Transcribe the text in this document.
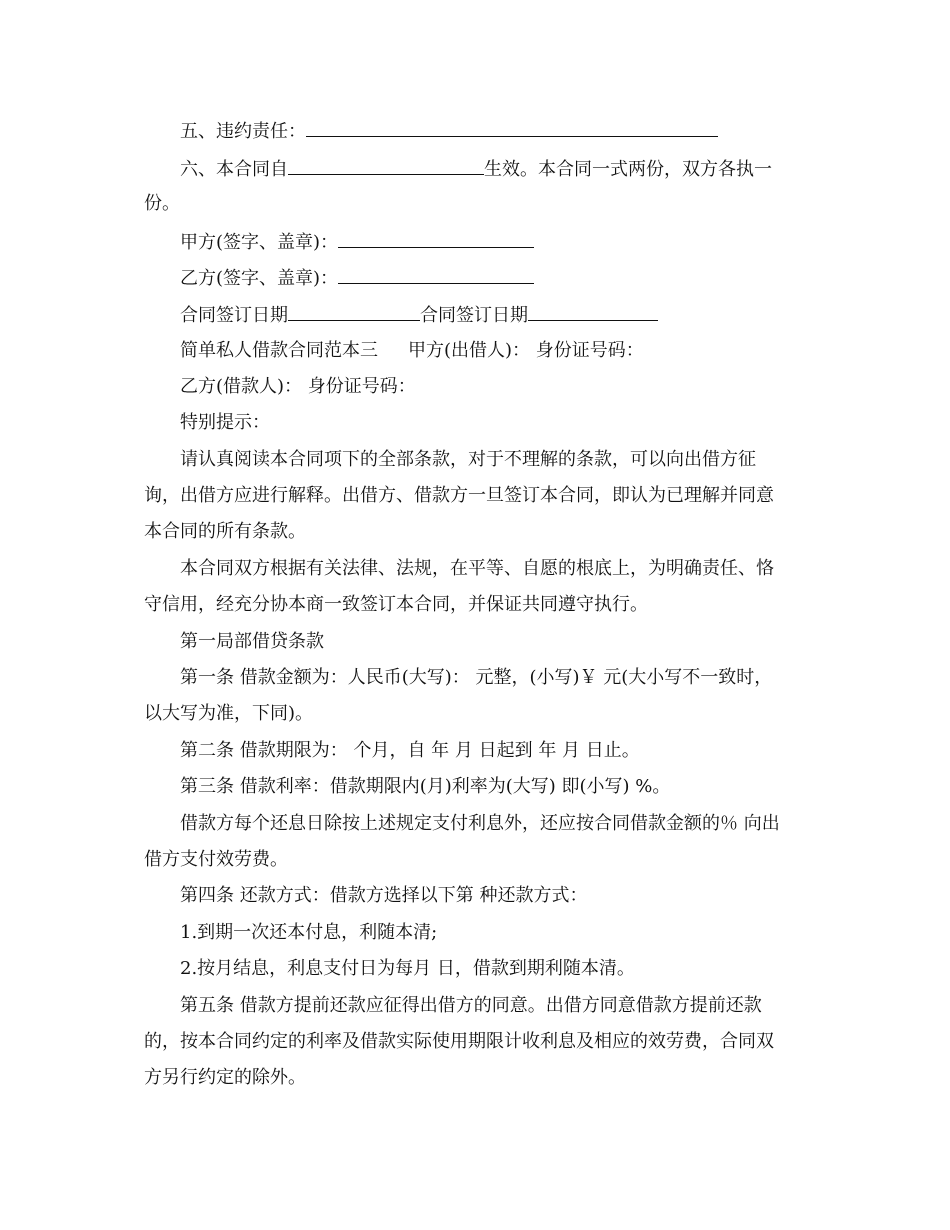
五、违约责任：
六、本合同自	生效。本合同一式两份，双方各执一
份。
甲方(签字、盖章)：
乙方(签字、盖章)：
合同签订日期	合同签订日期
简单私人借款合同范本三 甲方(出借人)： 身份证号码：
乙方(借款人)： 身份证号码：
特别提示：
请认真阅读本合同项下的全部条款，对于不理解的条款，可以向出借方征
询，出借方应进行解释。出借方、借款方一旦签订本合同，即认为已理解并同意
本合同的所有条款。
本合同双方根据有关法律、法规，在平等、自愿的根底上，为明确责任、恪
守信用，经充分协本商一致签订本合同，并保证共同遵守执行。
第一局部借贷条款
第一条 借款金额为：人民币(大写)： 元整，(小写)￥ 元(大小写不一致时，
以大写为准，下同)。
第二条 借款期限为： 个月，自 年 月 日起到 年 月 日止。
第三条 借款利率：借款期限内(月)利率为(大写) 即(小写) %。
借款方每个还息日除按上述规定支付利息外，还应按合同借款金额的％ 向出
借方支付效劳费。
第四条 还款方式：借款方选择以下第 种还款方式：
1.到期一次还本付息，利随本清;
2.按月结息，利息支付日为每月 日，借款到期利随本清。
第五条 借款方提前还款应征得出借方的同意。出借方同意借款方提前还款
的，按本合同约定的利率及借款实际使用期限计收利息及相应的效劳费，合同双
方另行约定的除外。
